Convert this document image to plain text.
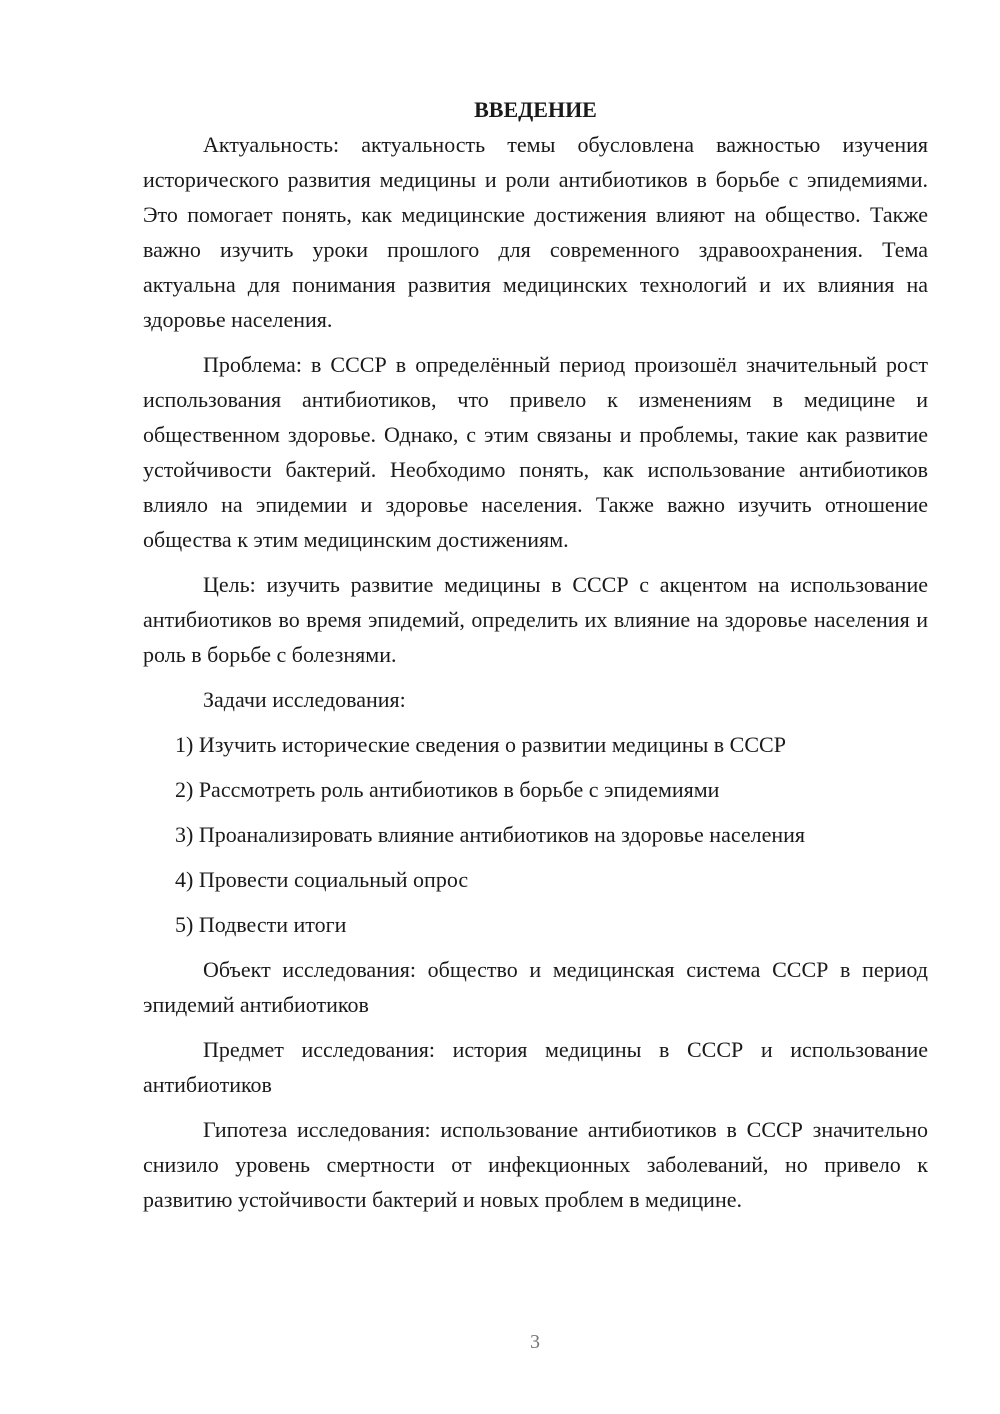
ВВЕДЕНИЕ

Актуальность: актуальность темы обусловлена важностью изучения исторического развития медицины и роли антибиотиков в борьбе с эпидемиями. Это помогает понять, как медицинские достижения влияют на общество. Также важно изучить уроки прошлого для современного здравоохранения. Тема актуальна для понимания развития медицинских технологий и их влияния на здоровье населения.

Проблема: в СССР в определённый период произошёл значительный рост использования антибиотиков, что привело к изменениям в медицине и общественном здоровье. Однако, с этим связаны и проблемы, такие как развитие устойчивости бактерий. Необходимо понять, как использование антибиотиков влияло на эпидемии и здоровье населения. Также важно изучить отношение общества к этим медицинским достижениям.

Цель: изучить развитие медицины в СССР с акцентом на использование антибиотиков во время эпидемий, определить их влияние на здоровье населения и роль в борьбе с болезнями.

Задачи исследования:

1) Изучить исторические сведения о развитии медицины в СССР
2) Рассмотреть роль антибиотиков в борьбе с эпидемиями
3) Проанализировать влияние антибиотиков на здоровье населения
4) Провести социальный опрос
5) Подвести итоги

Объект исследования: общество и медицинская система СССР в период эпидемий антибиотиков

Предмет исследования: история медицины в СССР и использование антибиотиков

Гипотеза исследования: использование антибиотиков в СССР значительно снизило уровень смертности от инфекционных заболеваний, но привело к развитию устойчивости бактерий и новых проблем в медицине.

3
